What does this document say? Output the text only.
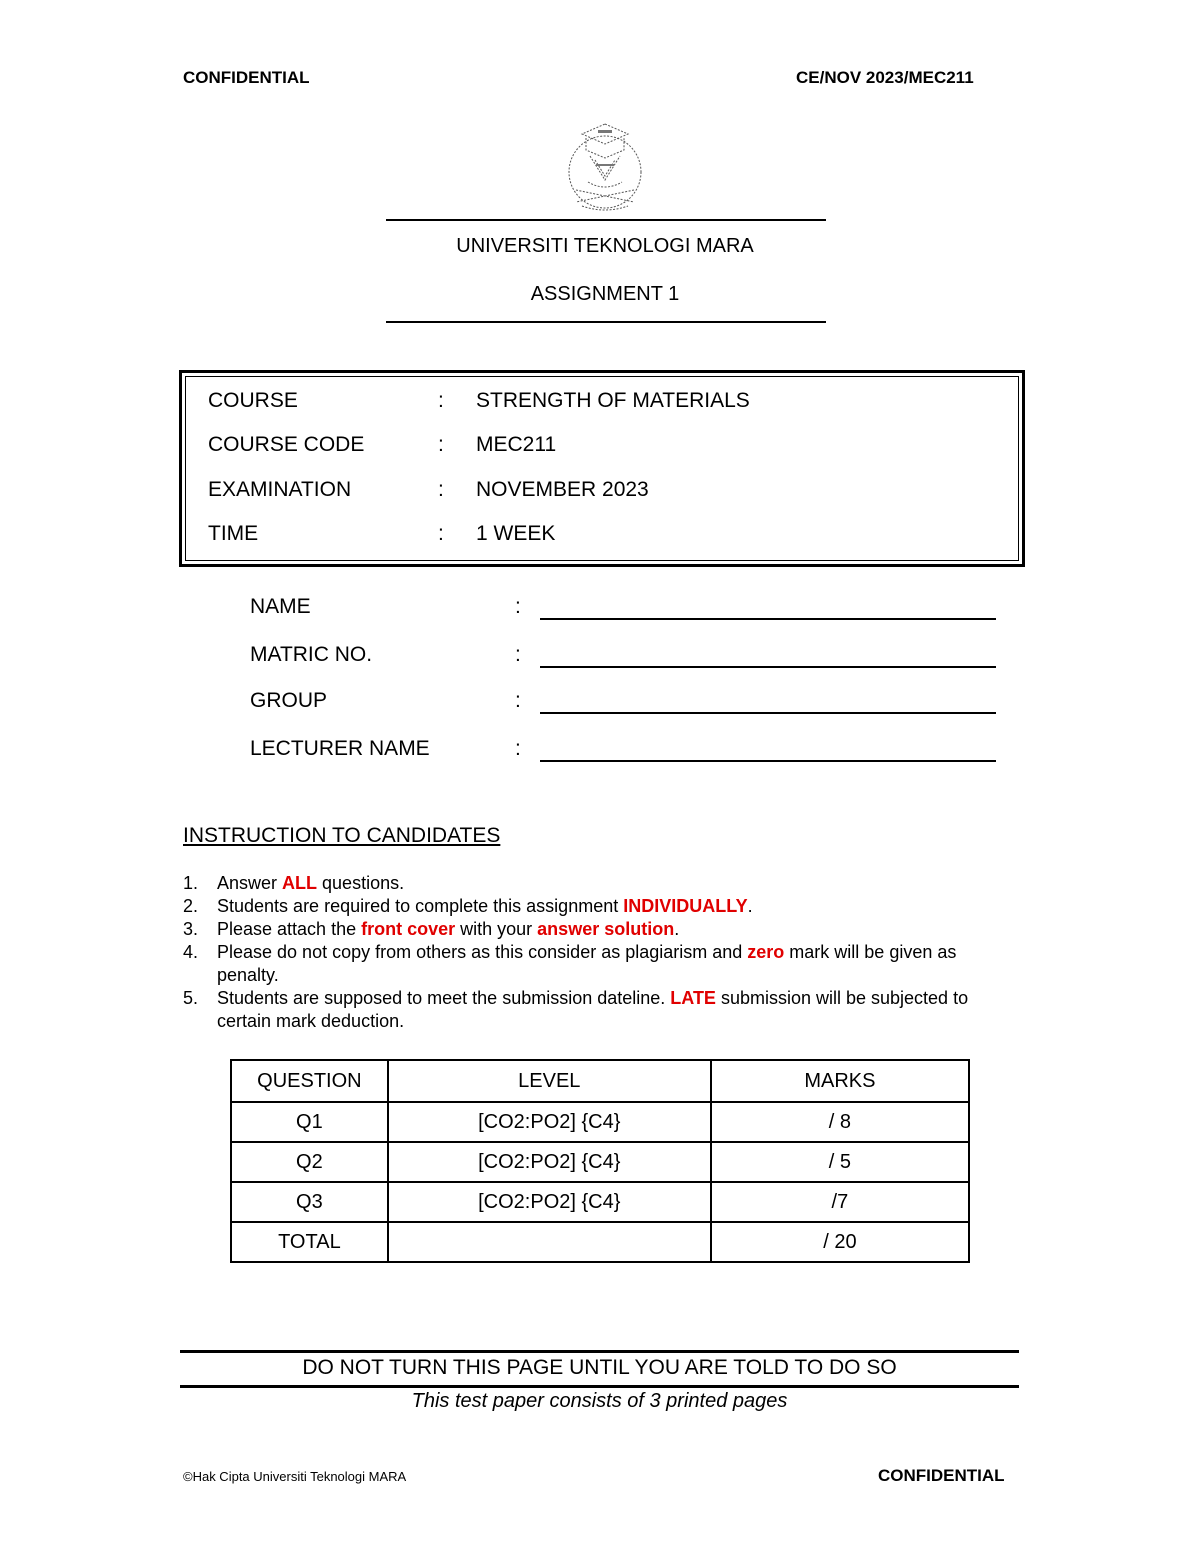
CONFIDENTIAL	CE/NOV 2023/MEC211
UNIVERSITI TEKNOLOGI MARA
ASSIGNMENT 1
COURSE	: STRENGTH OF MATERIALS
COURSE CODE	: MEC211
EXAMINATION	: NOVEMBER 2023
TIME	: 1 WEEK
NAME	:
MATRIC NO.	:
GROUP	:
LECTURER NAME	:
INSTRUCTION TO CANDIDATES
1. Answer ALL questions.
2. Students are required to complete this assignment INDIVIDUALLY.
3. Please attach the front cover with your answer solution.
4. Please do not copy from others as this consider as plagiarism and zero mark will be given as penalty.
5. Students are supposed to meet the submission dateline. LATE submission will be subjected to certain mark deduction.
QUESTION	LEVEL	MARKS
Q1	[CO2:PO2] {C4}	/ 8
Q2	[CO2:PO2] {C4}	/ 5
Q3	[CO2:PO2] {C4}	/7
TOTAL		/ 20
DO NOT TURN THIS PAGE UNTIL YOU ARE TOLD TO DO SO
This test paper consists of 3 printed pages
©Hak Cipta Universiti Teknologi MARA	CONFIDENTIAL
